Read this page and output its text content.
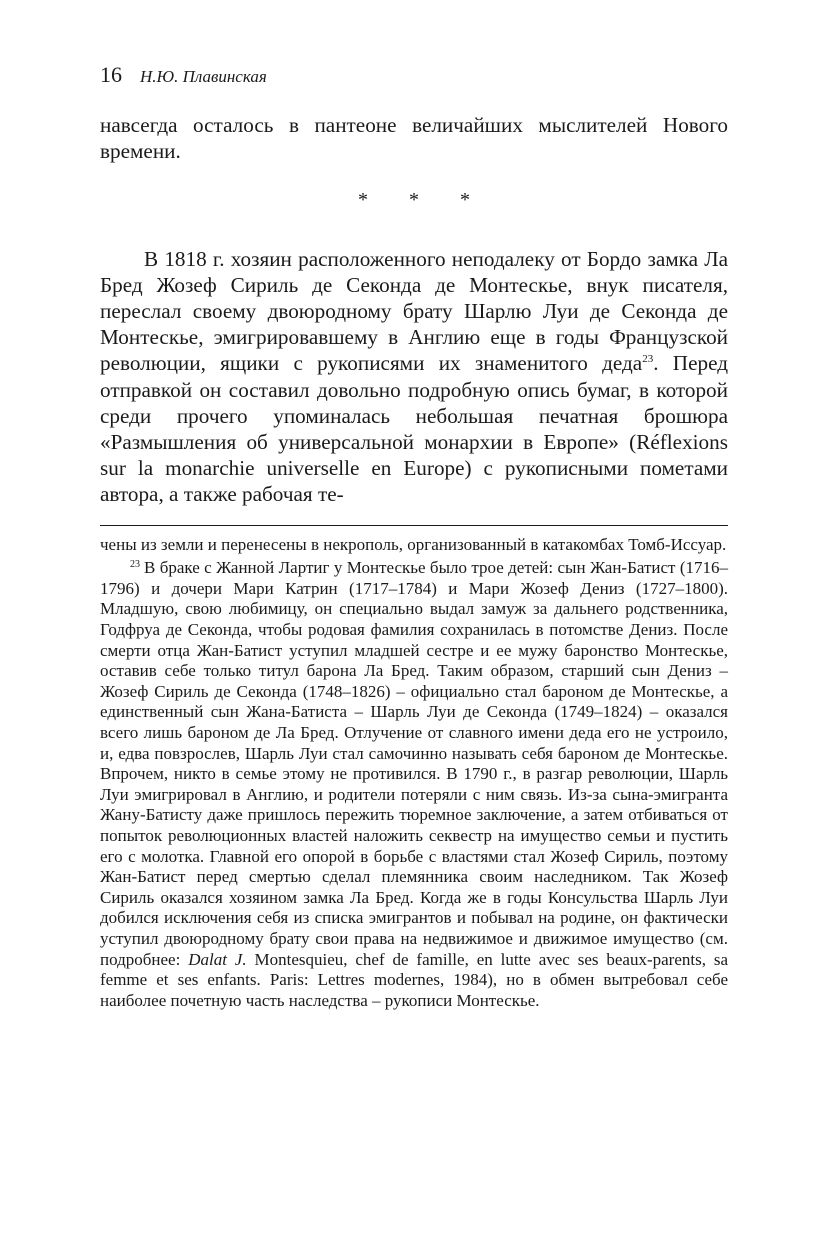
16 Н.Ю. Плавинская

навсегда осталось в пантеоне величайших мыслителей Нового времени.

* * *

В 1818 г. хозяин расположенного неподалеку от Бордо замка Ла Бред Жозеф Сириль де Секонда де Монтескье, внук писателя, переслал своему двоюродному брату Шарлю Луи де Секонда де Монтескье, эмигрировавшему в Англию еще в годы Французской революции, ящики с рукописями их знаменитого деда$^{23}$. Перед отправкой он составил довольно подробную опись бумаг, в которой среди прочего упоминалась небольшая печатная брошюра «Размышления об универсальной монархии в Европе» (Réflexions sur la monarchie universelle en Europe) с рукописными пометами автора, а также рабочая те-

чены из земли и перенесены в некрополь, организованный в катакомбах Томб-Иссуар.

$^{23}$ В браке с Жанной Лартиг у Монтескье было трое детей: сын Жан-Батист (1716–1796) и дочери Мари Катрин (1717–1784) и Мари Жозеф Дениз (1727–1800). Младшую, свою любимицу, он специально выдал замуж за дальнего родственника, Годфруа де Секонда, чтобы родовая фамилия сохранилась в потомстве Дениз. После смерти отца Жан-Батист уступил младшей сестре и ее мужу баронство Монтескье, оставив себе только титул барона Ла Бред. Таким образом, старший сын Дениз – Жозеф Сириль де Секонда (1748–1826) – официально стал бароном де Монтескье, а единственный сын Жана-Батиста – Шарль Луи де Секонда (1749–1824) – оказался всего лишь бароном де Ла Бред. Отлучение от славного имени деда его не устроило, и, едва повзрослев, Шарль Луи стал самочинно называть себя бароном де Монтескье. Впрочем, никто в семье этому не противился. В 1790 г., в разгар революции, Шарль Луи эмигрировал в Англию, и родители потеряли с ним связь. Из-за сына-эмигранта Жану-Батисту даже пришлось пережить тюремное заключение, а затем отбиваться от попыток революционных властей наложить секвестр на имущество семьи и пустить его с молотка. Главной его опорой в борьбе с властями стал Жозеф Сириль, поэтому Жан-Батист перед смертью сделал племянника своим наследником. Так Жозеф Сириль оказался хозяином замка Ла Бред. Когда же в годы Консульства Шарль Луи добился исключения себя из списка эмигрантов и побывал на родине, он фактически уступил двоюродному брату свои права на недвижимое и движимое имущество (см. подробнее: Dalat J. Montesquieu, chef de famille, en lutte avec ses beaux-parents, sa femme et ses enfants. Paris: Lettres modernes, 1984), но в обмен вытребовал себе наиболее почетную часть наследства – рукописи Монтескье.
